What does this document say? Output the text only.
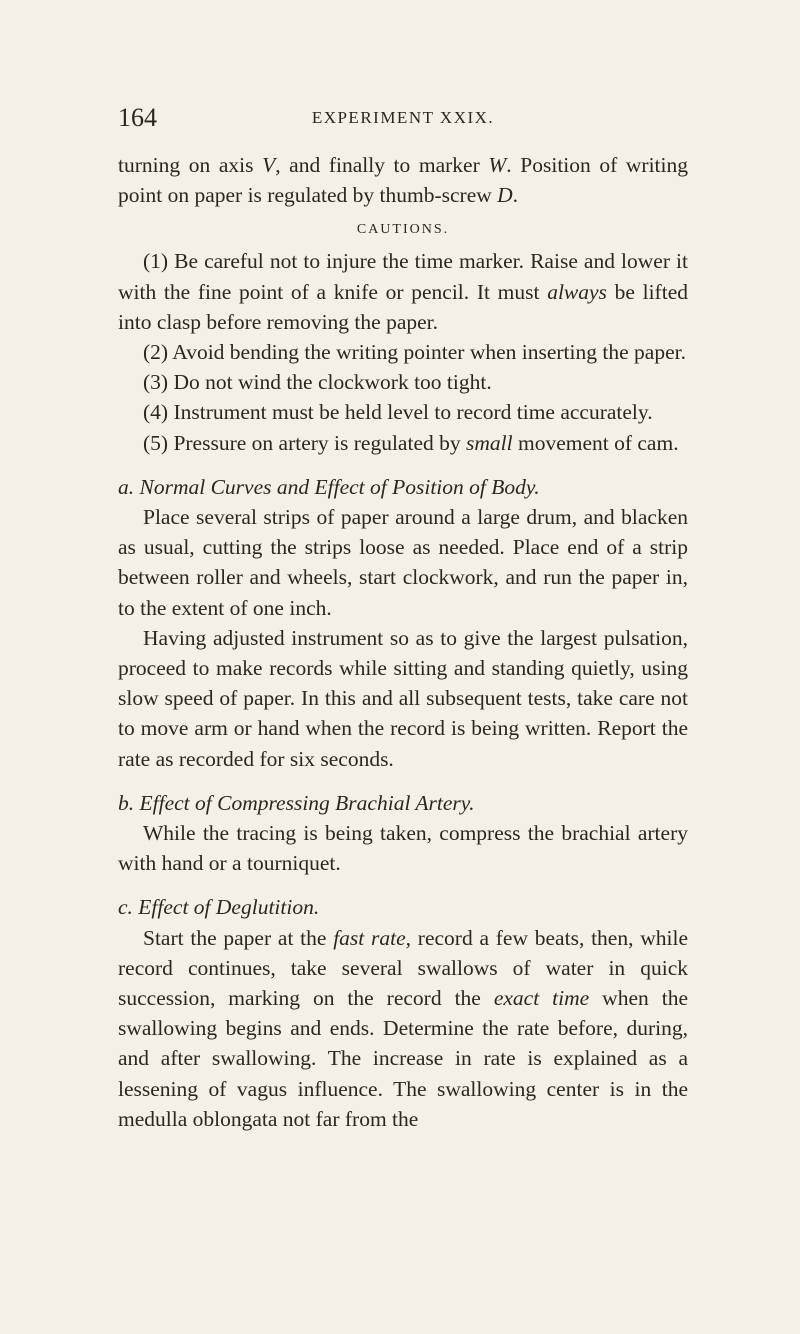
164	EXPERIMENT XXIX.

turning on axis V, and finally to marker W. Position of writing point on paper is regulated by thumb-screw D.

CAUTIONS.

(1) Be careful not to injure the time marker. Raise and lower it with the fine point of a knife or pencil. It must always be lifted into clasp before removing the paper.

(2) Avoid bending the writing pointer when inserting the paper.

(3) Do not wind the clockwork too tight.

(4) Instrument must be held level to record time accurately.

(5) Pressure on artery is regulated by small movement of cam.

a. Normal Curves and Effect of Position of Body.

Place several strips of paper around a large drum, and blacken as usual, cutting the strips loose as needed. Place end of a strip between roller and wheels, start clockwork, and run the paper in, to the extent of one inch.

Having adjusted instrument so as to give the largest pulsation, proceed to make records while sitting and standing quietly, using slow speed of paper. In this and all subsequent tests, take care not to move arm or hand when the record is being written. Report the rate as recorded for six seconds.

b. Effect of Compressing Brachial Artery.

While the tracing is being taken, compress the brachial artery with hand or a tourniquet.

c. Effect of Deglutition.

Start the paper at the fast rate, record a few beats, then, while record continues, take several swallows of water in quick succession, marking on the record the exact time when the swallowing begins and ends. Determine the rate before, during, and after swallowing. The increase in rate is explained as a lessening of vagus influence. The swallowing center is in the medulla oblongata not far from the
